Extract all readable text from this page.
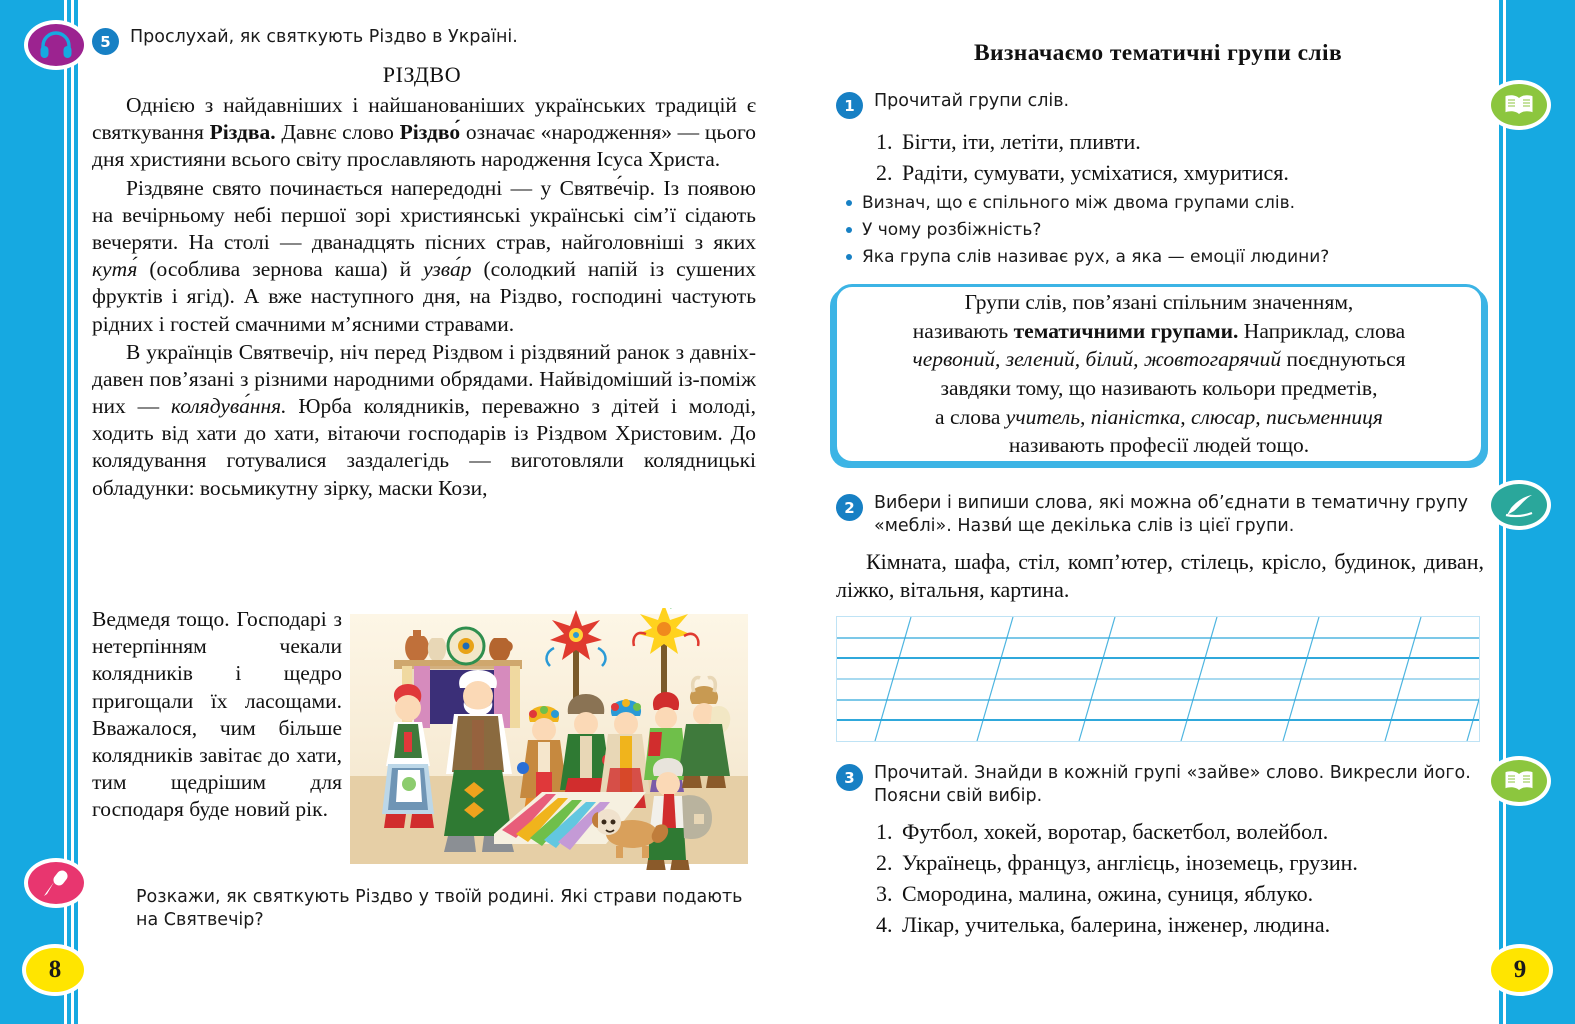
8	9
5	Прослухай, як святкують Різдво в Україні.
РІЗДВО

Однією з найдавніших і найшанованіших українських традицій є святкування Різдва. Давнє слово Різдво́ означає «народження» — цього дня християни всього світу прославляють народження Ісуса Христа.

Різдвяне свято починається напередодні — у Святве́чір. Із появою на вечірньому небі першої зорі християнські українські сім’ї сідають вечеряти. На столі — дванадцять пісних страв, найголовніші з яких кутя́ (особлива зернова каша) й узва́р (солодкий напій із сушених фруктів і ягід). А вже наступного дня, на Різдво, господині частують рідних і гостей смачними м’ясними стравами.

В українців Святвечір, ніч перед Різдвом і різдвяний ранок з давніх-давен пов’язані з різними народними обрядами. Найвідоміший із-поміж них — колядува́ння. Юрба колядників, переважно з дітей і молоді, ходить від хати до хати, вітаючи господарів із Різдвом Христовим. До колядування готувалися заздалегідь — виготовляли колядницькі обладунки: восьмикутну зірку, маски Кози,

Ведмедя тощо. Господарі з нетерпінням чекали колядників і щедро пригощали їх ласощами. Вважалося, чим більше колядників завітає до хати, тим щедрішим для господаря буде новий рік.

Розкажи, як святкують Різдво у твоїй родині. Які страви подають на Святвечір?
Визначаємо тематичні групи слів
1	Прочитай групи слів.
1. Бігти, іти, летіти, пливти.
2. Радіти, сумувати, усміхатися, хмуритися.
Визнач, що є спільного між двома групами слів.
У чому розбіжність?
Яка група слів називає рух, а яка — емоції людини?
Групи слів, пов’язані спільним значенням,
називають тематичними групами. Наприклад, слова
червоний, зелений, білий, жовтогарячий поєднуються
завдяки тому, що називають кольори предметів,
а слова учитель, піаністка, слюсар, письменниця
називають професії людей тощо.
2	Вибери і випиши слова, які можна об’єднати в тематичну групу «меблі». Назви́ ще декілька слів із цієї групи.
Кімната, шафа, стіл, комп’ютер, стілець, крісло, будинок, диван, ліжко, вітальня, картина.
3	Прочитай. Знайди в кожній групі «зайве» слово. Викресли його. Поясни свій вибір.
1. Футбол, хокей, воротар, баскетбол, волейбол.
2. Українець, француз, англієць, іноземець, грузин.
3. Смородина, малина, ожина, суниця, яблуко.
4. Лікар, учителька, балерина, інженер, людина.
